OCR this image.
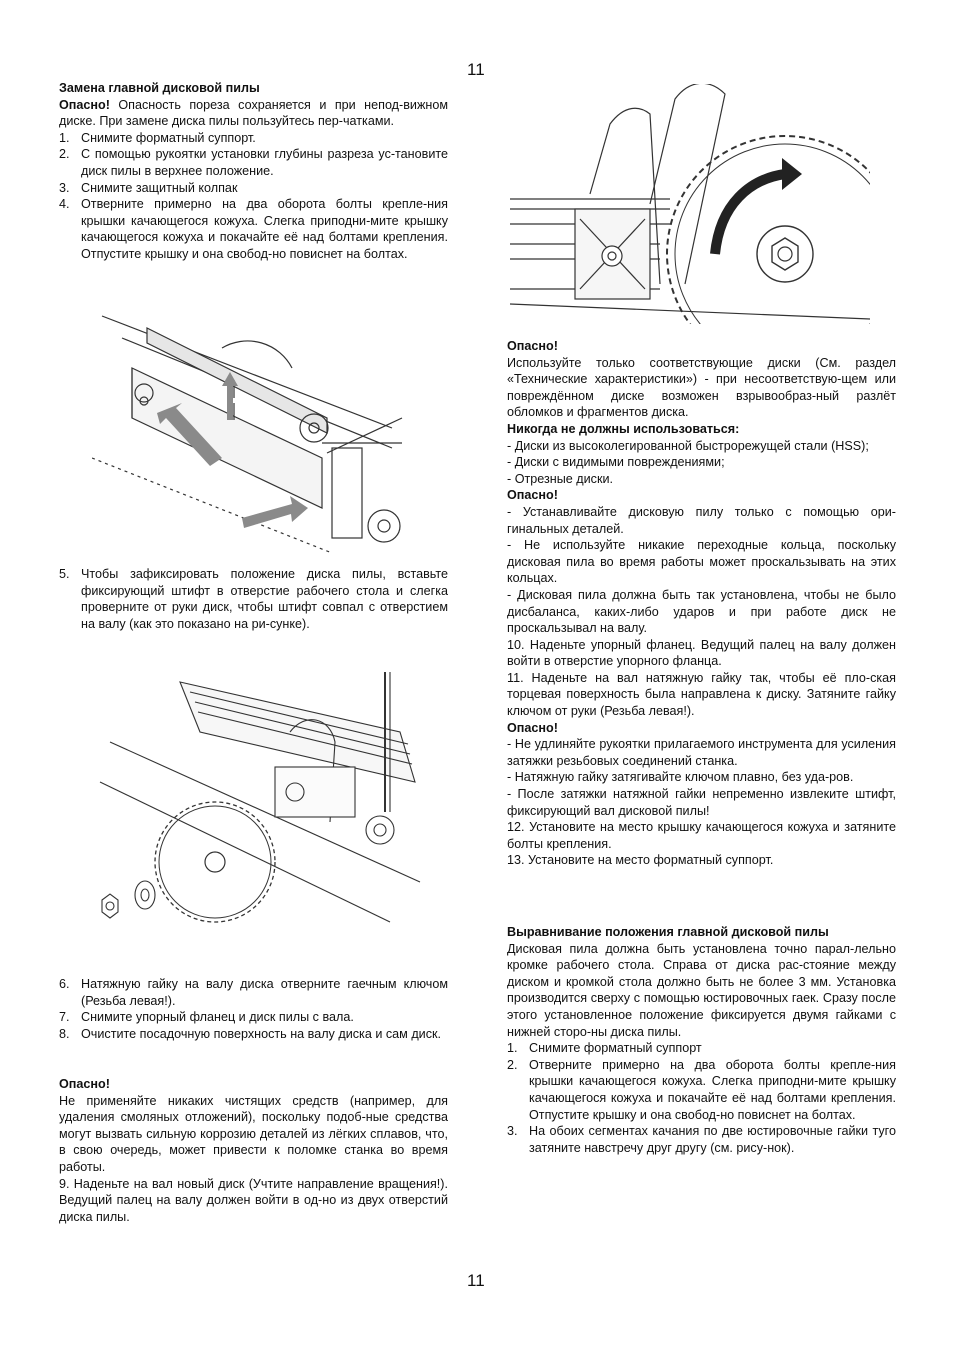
11

Замена главной дисковой пилы

Опасно! Опасность пореза сохраняется и при непод-вижном диске. При замене диска пилы пользуйтесь пер-чатками.

1. Снимите форматный суппорт.
2. С помощью рукоятки установки глубины разреза ус-тановите диск пилы в верхнее положение.
3. Снимите защитный колпак
4. Отверните примерно на два оборота болты крепле-ния крышки качающегося кожуха. Слегка приподни-мите крышку качающегося кожуха и покачайте её над болтами крепления. Отпустите крышку и она свобод-но повиснет на болтах.
5. Чтобы зафиксировать положение диска пилы, вставьте фиксирующий штифт в отверстие рабочего стола и слегка проверните от руки диск, чтобы штифт совпал с отверстием на валу (как это показано на ри-сунке).
6. Натяжную гайку на валу диска отверните гаечным ключом (Резьба левая!).
7. Снимите упорный фланец и диск пилы с вала.
8. Очистите посадочную поверхность на валу диска и сам диск.

Опасно!

Не применяйте никаких чистящих средств (например, для удаления смоляных отложений), поскольку подоб-ные средства могут вызвать сильную коррозию деталей из лёгких сплавов, что, в свою очередь, может привести к поломке станка во время работы.

9. Наденьте на вал новый диск (Учтите направление вращения!). Ведущий палец на валу должен войти в од-но из двух отверстий диска пилы.

Опасно!

Используйте только соответствующие диски (См. раздел «Технические характеристики») - при несоответствую-щем или повреждённом диске возможен взрывообраз-ный разлёт обломков и фрагментов диска.

Никогда не должны использоваться:

- Диски из высоколегированной быстрорежущей стали (HSS);

- Диски с видимыми повреждениями;

- Отрезные диски.

Опасно!

- Устанавливайте дисковую пилу только с помощью ори-гинальных деталей.

- Не используйте никакие переходные кольца, поскольку дисковая пила во время работы может проскальзывать на этих кольцах.

- Дисковая пила должна быть так установлена, чтобы не было дисбаланса, каких-либо ударов и при работе диск не проскальзывал на валу.

10. Наденьте упорный фланец. Ведущий палец на валу должен войти в отверстие упорного фланца.

11. Наденьте на вал натяжную гайку так, чтобы её пло-ская торцевая поверхность была направлена к диску. Затяните гайку ключом от руки (Резьба левая!).

Опасно!

- Не удлиняйте рукоятки прилагаемого инструмента для усиления затяжки резьбовых соединений станка.

- Натяжную гайку затягивайте ключом плавно, без уда-ров.

- После затяжки натяжной гайки непременно извлеките штифт, фиксирующий вал дисковой пилы!

12. Установите на место крышку качающегося кожуха и затяните болты крепления.

13. Установите на место форматный суппорт.

Выравнивание положения главной дисковой пилы

Дисковая пила должна быть установлена точно парал-лельно кромке рабочего стола. Справа от диска рас-стояние между диском и кромкой стола должно быть не более 3 мм. Установка производится сверху с помощью юстировочных гаек. Сразу после этого установленное положение фиксируется двумя гайками с нижней сторо-ны диска пилы.

1. Снимите форматный суппорт
2. Отверните примерно на два оборота болты крепле-ния крышки качающегося кожуха. Слегка приподни-мите крышку качающегося кожуха и покачайте её над болтами крепления. Отпустите крышку и она свобод-но повиснет на болтах.
3. На обоих сегментах качания по две юстировочные гайки туго затяните навстречу друг другу (см. рису-нок).
11
